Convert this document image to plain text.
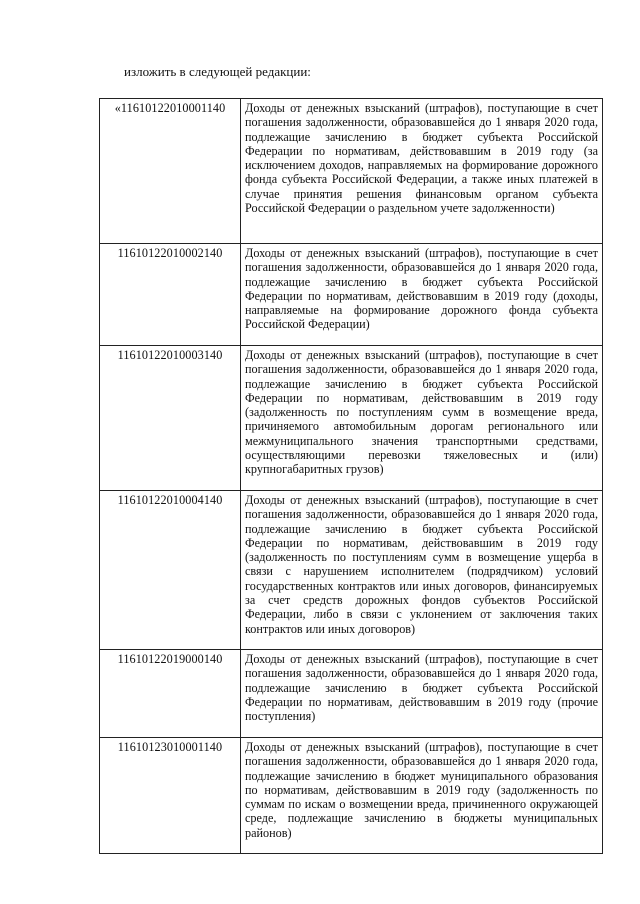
изложить в следующей редакции:
«11610122010001140	Доходы от денежных взысканий (штрафов), поступающие в счет погашения задолженности, образовавшейся до 1 января 2020 года, подлежащие зачислению в бюджет субъекта Российской Федерации по нормативам, действовавшим в 2019 году (за исключением доходов, направляемых на формирование дорожного фонда субъекта Российской Федерации, а также иных платежей в случае принятия решения финансовым органом субъекта Российской Федерации о раздельном учете задолженности)
11610122010002140	Доходы от денежных взысканий (штрафов), поступающие в счет погашения задолженности, образовавшейся до 1 января 2020 года, подлежащие зачислению в бюджет субъекта Российской Федерации по нормативам, действовавшим в 2019 году (доходы, направляемые на формирование дорожного фонда субъекта Российской Федерации)
11610122010003140	Доходы от денежных взысканий (штрафов), поступающие в счет погашения задолженности, образовавшейся до 1 января 2020 года, подлежащие зачислению в бюджет субъекта Российской Федерации по нормативам, действовавшим в 2019 году (задолженность по поступлениям сумм в возмещение вреда, причиняемого автомобильным дорогам регионального или межмуниципального значения транспортными средствами, осуществляющими перевозки тяжеловесных и (или) крупногабаритных грузов)
11610122010004140	Доходы от денежных взысканий (штрафов), поступающие в счет погашения задолженности, образовавшейся до 1 января 2020 года, подлежащие зачислению в бюджет субъекта Российской Федерации по нормативам, действовавшим в 2019 году (задолженность по поступлениям сумм в возмещение ущерба в связи с нарушением исполнителем (подрядчиком) условий государственных контрактов или иных договоров, финансируемых за счет средств дорожных фондов субъектов Российской Федерации, либо в связи с уклонением от заключения таких контрактов или иных договоров)
11610122019000140	Доходы от денежных взысканий (штрафов), поступающие в счет погашения задолженности, образовавшейся до 1 января 2020 года, подлежащие зачислению в бюджет субъекта Российской Федерации по нормативам, действовавшим в 2019 году (прочие поступления)
11610123010001140	Доходы от денежных взысканий (штрафов), поступающие в счет погашения задолженности, образовавшейся до 1 января 2020 года, подлежащие зачислению в бюджет муниципального образования по нормативам, действовавшим в 2019 году (задолженность по суммам по искам о возмещении вреда, причиненного окружающей среде, подлежащие зачислению в бюджеты муниципальных районов)
